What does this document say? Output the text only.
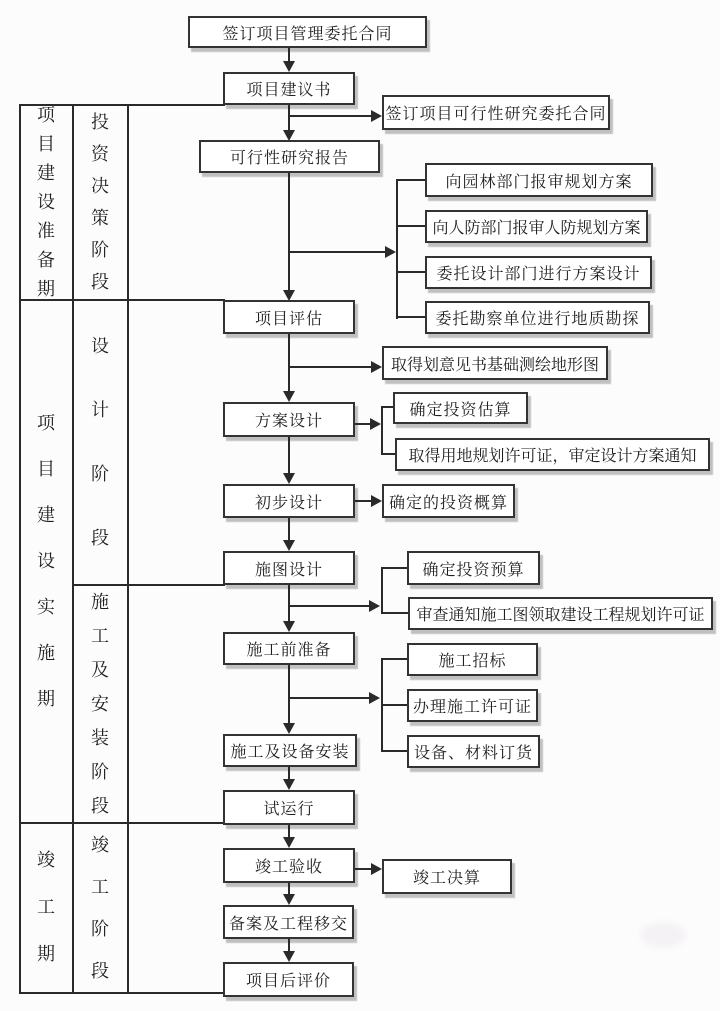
项目建设准备期
项目建设实施期
竣工期
投资决策阶段
设计阶段
施工及安装阶段
竣工阶段
签订项目管理委托合同
项目建议书
可行性研究报告
项目评估
方案设计
初步设计
施图设计
施工前准备
施工及设备安装
试运行
竣工验收
备案及工程移交
项目后评价
签订项目可行性研究委托合同
向园林部门报审规划方案
向人防部门报审人防规划方案
委托设计部门进行方案设计
委托勘察单位进行地质勘探
取得划意见书基础测绘地形图
确定投资估算
取得用地规划许可证，审定设计方案通知
确定的投资概算
确定投资预算
审查通知施工图领取建设工程规划许可证
施工招标
办理施工许可证
设备、材料订货
竣工决算
